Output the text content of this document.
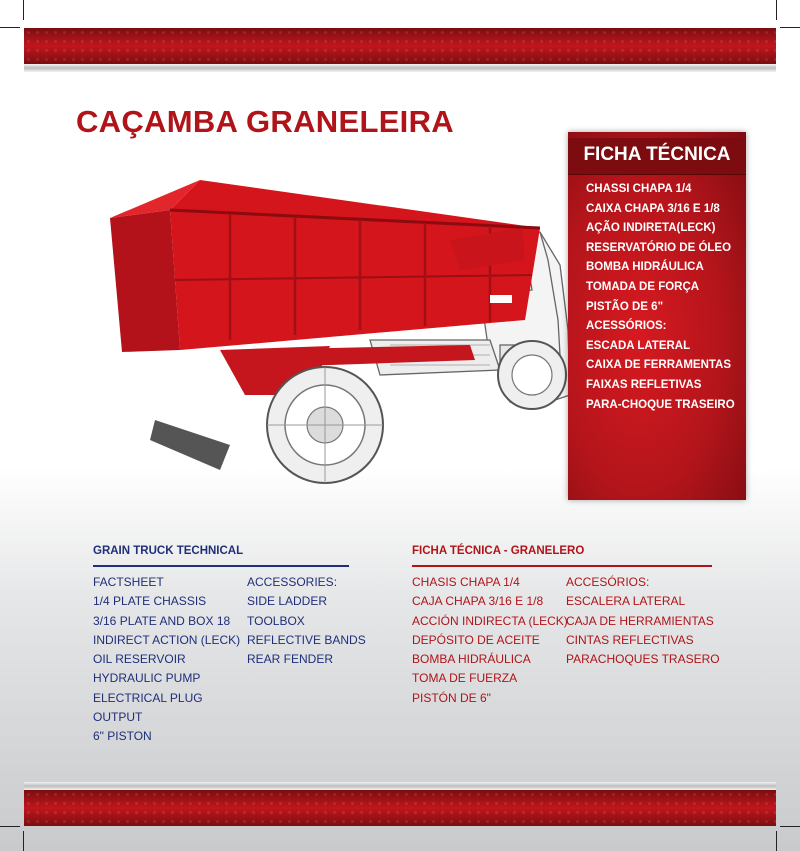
CAÇAMBA GRANELEIRA
FICHA TÉCNICA
CHASSI CHAPA 1/4
CAIXA CHAPA 3/16 E 1/8
AÇÃO INDIRETA(LECK)
RESERVATÓRIO DE ÓLEO
BOMBA HIDRÁULICA
TOMADA DE FORÇA
PISTÃO DE 6"
ACESSÓRIOS:
ESCADA LATERAL
CAIXA DE FERRAMENTAS
FAIXAS REFLETIVAS
PARA-CHOQUE TRASEIRO
GRAIN TRUCK TECHNICAL
FACTSHEET
1/4 PLATE CHASSIS
3/16 PLATE AND BOX 18
INDIRECT ACTION (LECK)
OIL RESERVOIR
HYDRAULIC PUMP
ELECTRICAL PLUG
OUTPUT
6" PISTON
ACCESSORIES:
SIDE LADDER
TOOLBOX
REFLECTIVE BANDS
REAR FENDER
FICHA TÉCNICA - GRANELERO
CHASIS CHAPA 1/4
CAJA CHAPA 3/16 E 1/8
ACCIÓN INDIRECTA (LECK)
DEPÓSITO DE ACEITE
BOMBA HIDRÁULICA
TOMA DE FUERZA
PISTÓN DE 6"
ACCESÓRIOS:
ESCALERA LATERAL
CAJA DE HERRAMIENTAS
CINTAS REFLECTIVAS
PARACHOQUES TRASERO
